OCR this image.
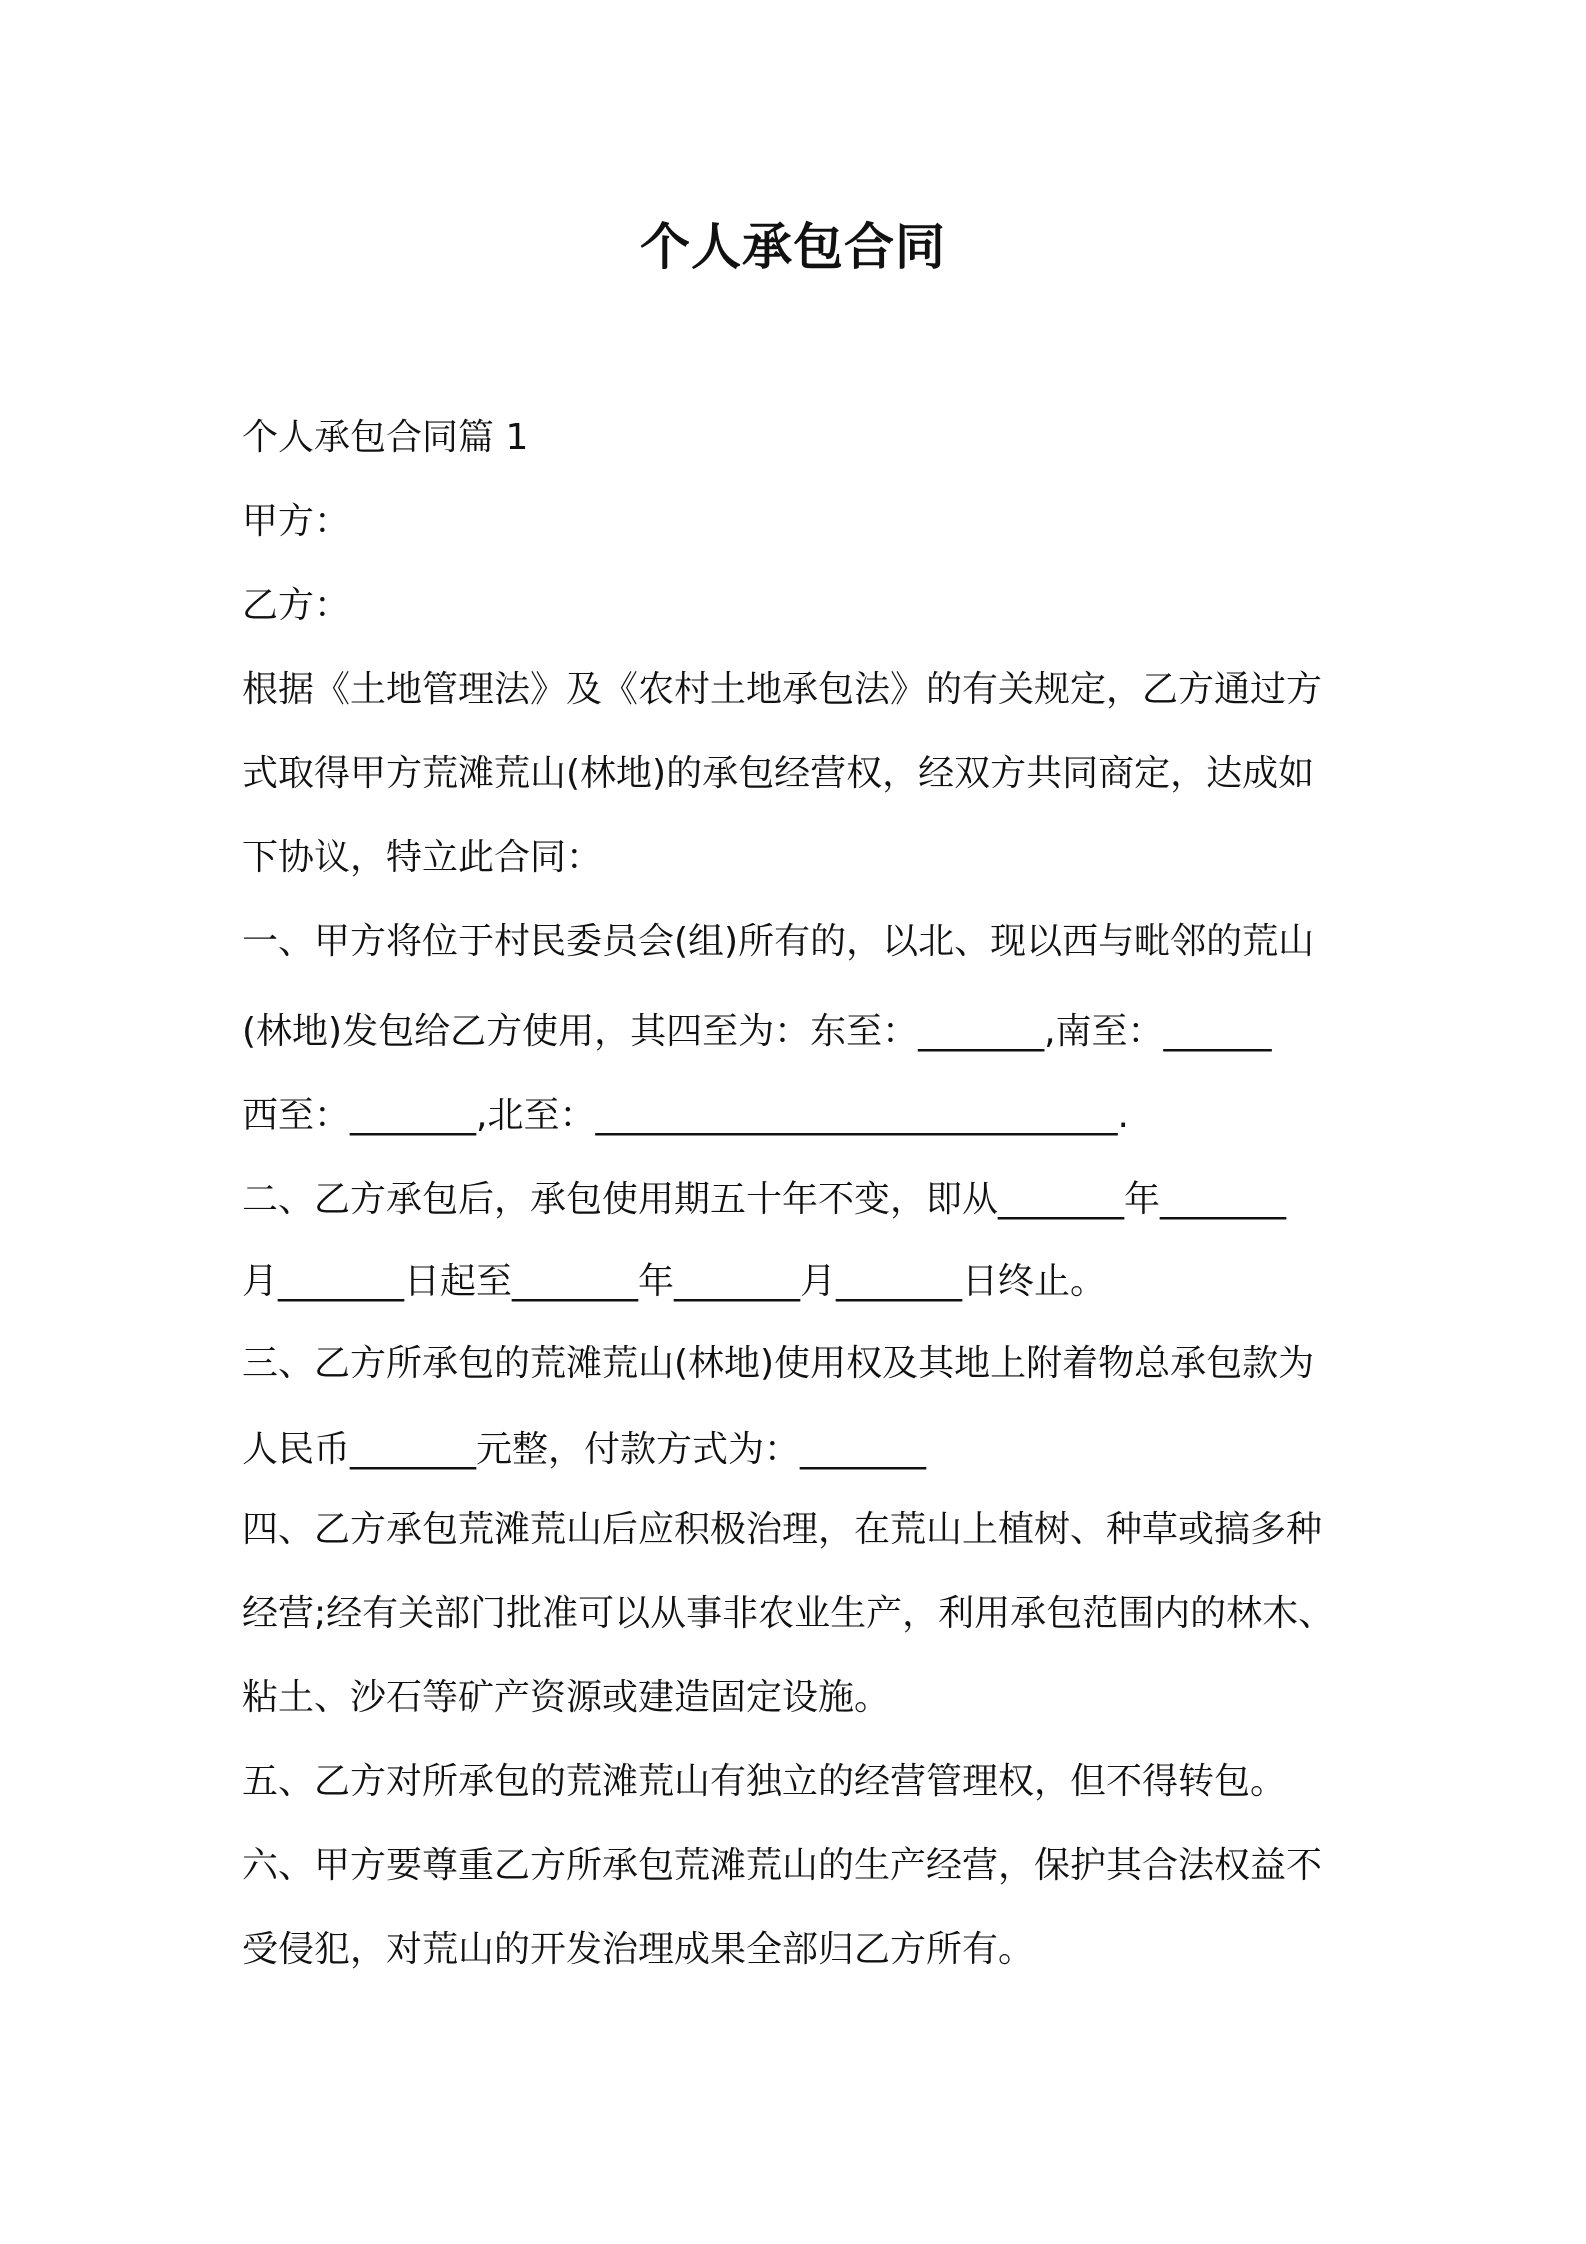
个人承包合同

个人承包合同篇 1

甲方：

乙方：

根据《土地管理法》及《农村土地承包法》的有关规定，乙方通过方

式取得甲方荒滩荒山(林地)的承包经营权，经双方共同商定，达成如

下协议，特立此合同：

一、甲方将位于村民委员会(组)所有的，以北、现以西与毗邻的荒山

(林地)发包给乙方使用，其四至为：东至：_______,南至：______

西至：_______,北至：_____________________________.

二、乙方承包后，承包使用期五十年不变，即从_______年_______

月_______日起至_______年_______月_______日终止。

三、乙方所承包的荒滩荒山(林地)使用权及其地上附着物总承包款为

人民币_______元整，付款方式为：_______

四、乙方承包荒滩荒山后应积极治理，在荒山上植树、种草或搞多种

经营;经有关部门批准可以从事非农业生产，利用承包范围内的林木、

粘土、沙石等矿产资源或建造固定设施。

五、乙方对所承包的荒滩荒山有独立的经营管理权，但不得转包。

六、甲方要尊重乙方所承包荒滩荒山的生产经营，保护其合法权益不

受侵犯，对荒山的开发治理成果全部归乙方所有。
